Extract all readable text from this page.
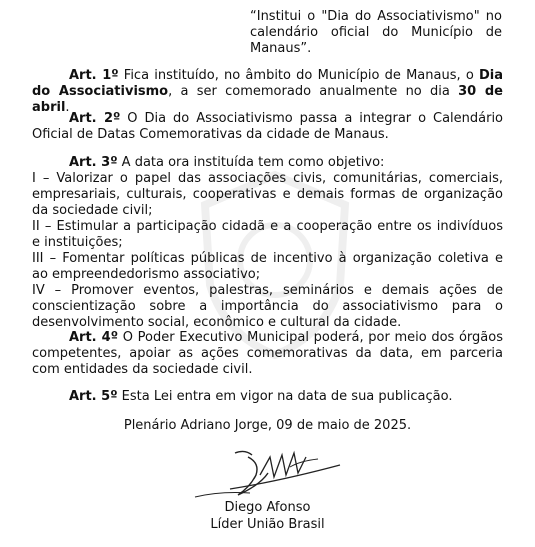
“Institui o "Dia do Associativismo" no calendário oficial do Município de Manaus”.
Art. 1º Fica instituído, no âmbito do Município de Manaus, o Dia do Associativismo, a ser comemorado anualmente no dia 30 de abril.
Art. 2º O Dia do Associativismo passa a integrar o Calendário Oficial de Datas Comemorativas da cidade de Manaus.
Art. 3º A data ora instituída tem como objetivo:
I – Valorizar o papel das associações civis, comunitárias, comerciais, empresariais, culturais, cooperativas e demais formas de organização da sociedade civil;
II – Estimular a participação cidadã e a cooperação entre os indivíduos e instituições;
III – Fomentar políticas públicas de incentivo à organização coletiva e ao empreendedorismo associativo;
IV – Promover eventos, palestras, seminários e demais ações de conscientização sobre a importância do associativismo para o desenvolvimento social, econômico e cultural da cidade.
Art. 4º O Poder Executivo Municipal poderá, por meio dos órgãos competentes, apoiar as ações comemorativas da data, em parceria com entidades da sociedade civil.
Art. 5º Esta Lei entra em vigor na data de sua publicação.
Plenário Adriano Jorge, 09 de maio de 2025.
Diego Afonso
Líder União Brasil
